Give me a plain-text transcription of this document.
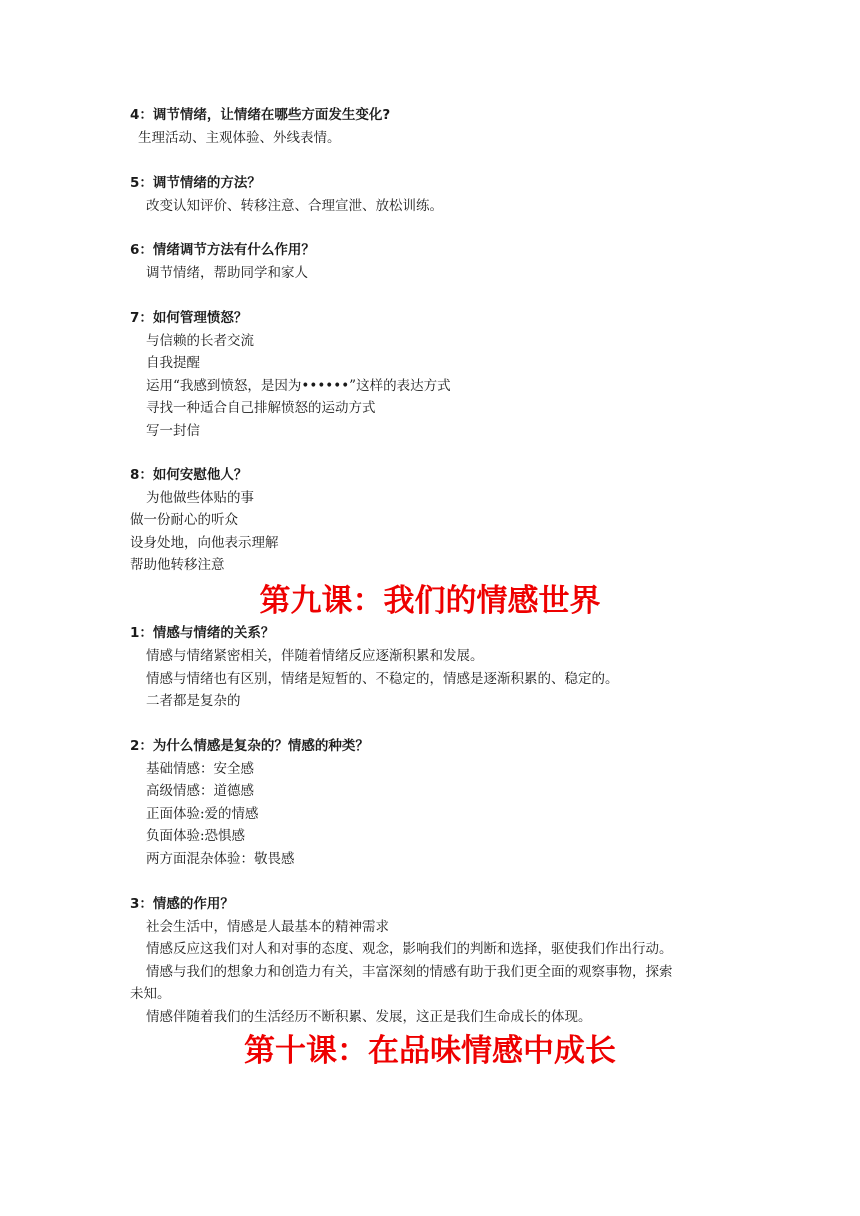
4：调节情绪，让情绪在哪些方面发生变化?
生理活动、主观体验、外线表情。
5：调节情绪的方法？
改变认知评价、转移注意、合理宣泄、放松训练。
6：情绪调节方法有什么作用？
调节情绪，帮助同学和家人
7：如何管理愤怒？
与信赖的长者交流
自我提醒
运用“我感到愤怒，是因为••••••”这样的表达方式
寻找一种适合自己排解愤怒的运动方式
写一封信
8：如何安慰他人？
为他做些体贴的事
做一份耐心的听众
设身处地，向他表示理解
帮助他转移注意
第九课：我们的情感世界
1：情感与情绪的关系？
情感与情绪紧密相关，伴随着情绪反应逐渐积累和发展。
情感与情绪也有区别，情绪是短暂的、不稳定的，情感是逐渐积累的、稳定的。
二者都是复杂的
2：为什么情感是复杂的？情感的种类？
基础情感：安全感
高级情感：道德感
正面体验:爱的情感
负面体验:恐惧感
两方面混杂体验：敬畏感
3：情感的作用？
社会生活中，情感是人最基本的精神需求
情感反应这我们对人和对事的态度、观念，影响我们的判断和选择，驱使我们作出行动。
情感与我们的想象力和创造力有关，丰富深刻的情感有助于我们更全面的观察事物，探索
未知。
情感伴随着我们的生活经历不断积累、发展，这正是我们生命成长的体现。
第十课：在品味情感中成长
